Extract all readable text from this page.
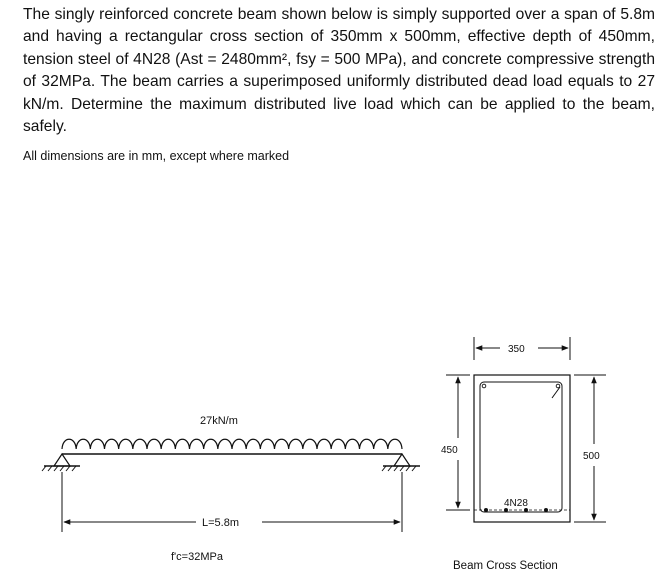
The singly reinforced concrete beam shown below is simply supported over a span of 5.8m and having a rectangular cross section of 350mm x 500mm, effective depth of 450mm, tension steel of 4N28 (Ast = 2480mm², fsy = 500 MPa), and concrete compressive strength of 32MPa. The beam carries a superimposed uniformly distributed dead load equals to 27 kN/m. Determine the maximum distributed live load which can be applied to the beam, safely.

All dimensions are in mm, except where marked

27kN/m
L=5.8m
f'c=32MPa
4N28
350
450
500
Beam Cross Section
